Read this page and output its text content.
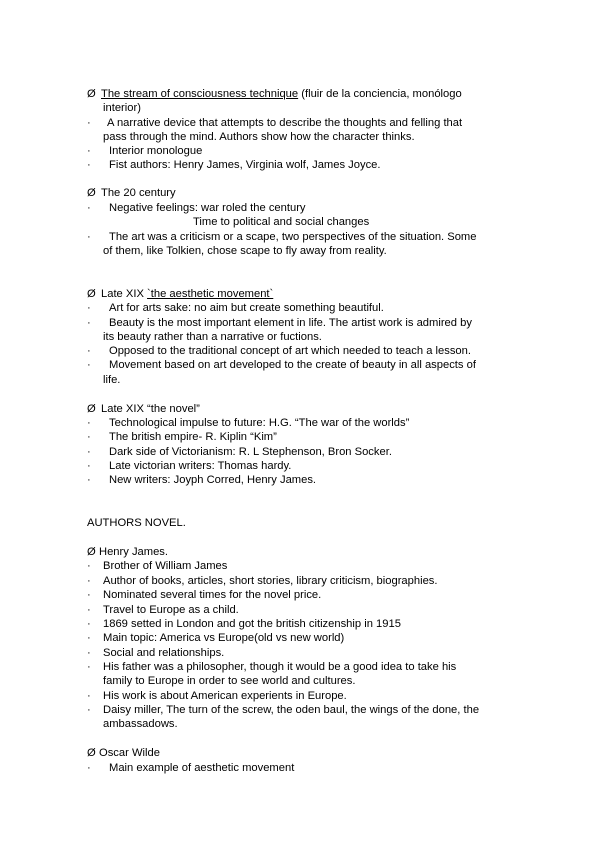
Ø The stream of consciousness technique (fluir de la conciencia, monólogo
interior)
· A narrative device that attempts to describe the thoughts and felling that
pass through the mind. Authors show how the character thinks.
· Interior monologue
· Fist authors: Henry James, Virginia wolf, James Joyce.
Ø The 20 century
· Negative feelings: war roled the century
Time to political and social changes
· The art was a criticism or a scape, two perspectives of the situation. Some
of them, like Tolkien, chose scape to fly away from reality.
Ø Late XIX `the aesthetic movement`
· Art for arts sake: no aim but create something beautiful.
· Beauty is the most important element in life. The artist work is admired by
its beauty rather than a narrative or fuctions.
· Opposed to the traditional concept of art which needed to teach a lesson.
· Movement based on art developed to the create of beauty in all aspects of
life.
Ø Late XIX “the novel”
· Technological impulse to future: H.G. “The war of the worlds”
· The british empire- R. Kiplin “Kim”
· Dark side of Victorianism: R. L Stephenson, Bron Socker.
· Late victorian writers: Thomas hardy.
· New writers: Joyph Corred, Henry James.
AUTHORS NOVEL.
Ø Henry James.
· Brother of William James
· Author of books, articles, short stories, library criticism, biographies.
· Nominated several times for the novel price.
· Travel to Europe as a child.
· 1869 setted in London and got the british citizenship in 1915
· Main topic: America vs Europe(old vs new world)
· Social and relationships.
· His father was a philosopher, though it would be a good idea to take his
family to Europe in order to see world and cultures.
· His work is about American experients in Europe.
· Daisy miller, The turn of the screw, the oden baul, the wings of the done, the
ambassadows.
Ø Oscar Wilde
· Main example of aesthetic movement
